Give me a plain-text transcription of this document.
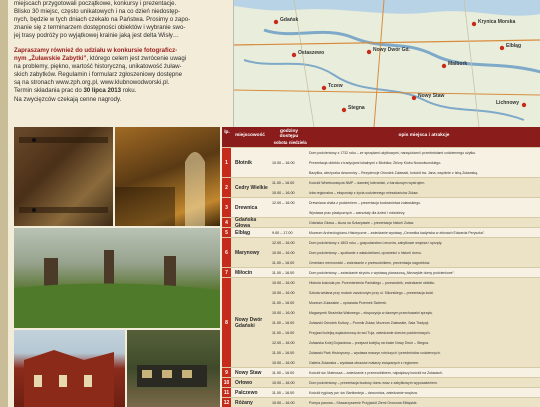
miejscach przygotowali początkowe, konkursy i prezentacje.

Blisko 30 miejsc, często unikatowych i na co dzień niedostęp-

nych, będzie w tych dniach czekało na Państwa. Prosimy o zapo-

znanie się z terminarzem dostępności obiektów i wybranie swo-

jej trasy podróży po wyjątkowej krainie jaką jest delta Wisły…

Zapraszamy również do udziału w konkursie fotograficz-

nym „Żuławskie Zabytki”, którego celem jest zwrócenie uwagi

na problemy, piękno, wartość historyczną, unikatowość żuław-

skich zabytków. Regulamin i formularz zgłoszeniowy dostępne

są na stronach www.zph.org.pl, www.klubnowodworski.pl.

Termin składania prac do 30 lipca 2013 roku.

Na zwycięzców czekają cenne nagrody.

Gdańsk
Nowy Dwór Gd.
Malbork
Elbląg
Nowy Staw
Tczew
Stegna
Krynica Morska
Ostaszewo
Lichnowy
lp.
miejscowość
godziny dostępu
sobota niedziela
opis miejsca i atrakcje
1	Błotnik
Dom podcieniowy z 1732 roku – ze sprzętami użytkowymi, narzędziami i przedmiotami codziennego użytku.
10.00 – 16.00	Prezentacja obiektu z tradycjami lokalnymi z Błotnika; Zbiory Klubu Nowodworskiego.
Bazylika, wieżyczka dzwonnicy – Rezydencje Ośrodek Żuławski, kościół św. Jana, wspólnie z Izbą Żuławską.
2	Cedry Wielkie
11.00 – 16.00	Kościół Wniebowzięcia NMP – dawniej luterański, z barokowym wystrojem.
10.00 – 16.00	Izba regionalna – eksponaty z życia codziennego mieszkańców Żuław.
3	Drewnica
12.00 – 16.00	Drewniana chata z podcieniem – prezentacja budownictwa żuławskiego.
Wystawa prac plastycznych – warsztaty dla dzieci i młodzieży.
4	Gdańska Głowa	Gdańska Głowa – śluza na Szkarpawie – prezentacja historii Żuław.
5	Elbląg	9.00 – 17.00	Muzeum Archeologiczno-Historyczne – zwiedzanie wystawy „Ceramika kadyńska w zbiorach Edwarda Peryszka”.
6	Marynowy
12.00 – 16.00	Dom podcieniowy z 1803 roku – gospodarstwo Lenorów, zabytkowe wnętrza i sprzęty.
10.00 – 16.00	Dom podcieniowy – spotkanie z właścicielami, opowieści o historii domu.
11.00 – 16.00	Cmentarz mennonicki – zwiedzanie z przewodnikiem, prezentacja nagrobków.
7	Miłocin	11.00 – 16.00	Dom podcieniowy – zwiedzanie strychu z wystawą planszową „Niezwykłe domy podcieniowe”.
8	Nowy Dwór Gdański
10.00 – 16.00	Historia kościoła pw. Przemienienia Pańskiego – przewodnik, zwiedzanie obiektu.
10.00 – 16.00	Szkuta wiślana przy moście zwodzonym przy ul. Sikorskiego – prezentacja łodzi.
11.00 – 16.00	Muzeum Żuławskie – opowiada Przemek Świerek.
10.00 – 16.00	Magazynek Strażnika Wałowego – ekspozycja w dawnym przechowalni sprzętu.
11.00 – 16.00	Żuławski Ośrodek Kultury – Pomnik Żuław, Muzeum Żuławskie, Sala Tradycji.
11.00 – 16.00	Przyjazd kolejką wąskotorową do wsi Tuja, zwiedzanie domów podcieniowych.
12.00 – 16.00	Żuławska Kolej Dojazdowa – przejazd kolejką na trasie Nowy Dwór – Stegna.
11.00 – 16.00	Żuławski Park Historyczny – wystawa maszyn rolniczych i przedmiotów codziennych.
10.00 – 16.00	Galeria Żuławska – wystawa obrazów malarzy związanych z regionem.
9	Nowy Staw	11.00 – 16.00	Kościół św. Mateusza – zwiedzanie z przewodnikiem, największy kościół na Żuławach.
10	Orłowo	10.00 – 16.00	Dom podcieniowy – prezentacja budowy domu wraz z zabytkowym wyposażeniem.
11	Palczewo	11.00 – 16.00	Kościół ryglowy pw. św. Bartłomieja – dzwonnica, zwiedzanie wnętrza.
12	Różany	10.00 – 16.00	Pompa parowa – Stowarzyszenie Przyjaciół Ziemi Gronowa Elbląskie.
